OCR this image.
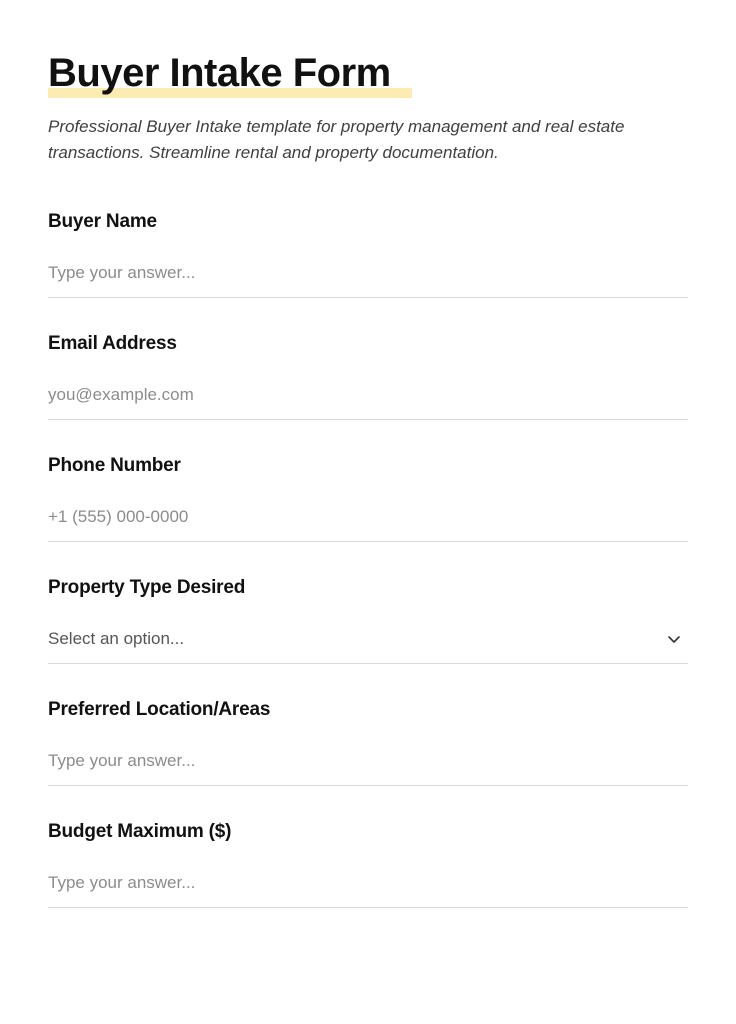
Buyer Intake Form

Professional Buyer Intake template for property management and real estate transactions. Streamline rental and property documentation.

Buyer Name
Type your answer...
Email Address
you@example.com
Phone Number
+1 (555) 000-0000
Property Type Desired
Select an option...
Preferred Location/Areas
Type your answer...
Budget Maximum ($)
Type your answer...
